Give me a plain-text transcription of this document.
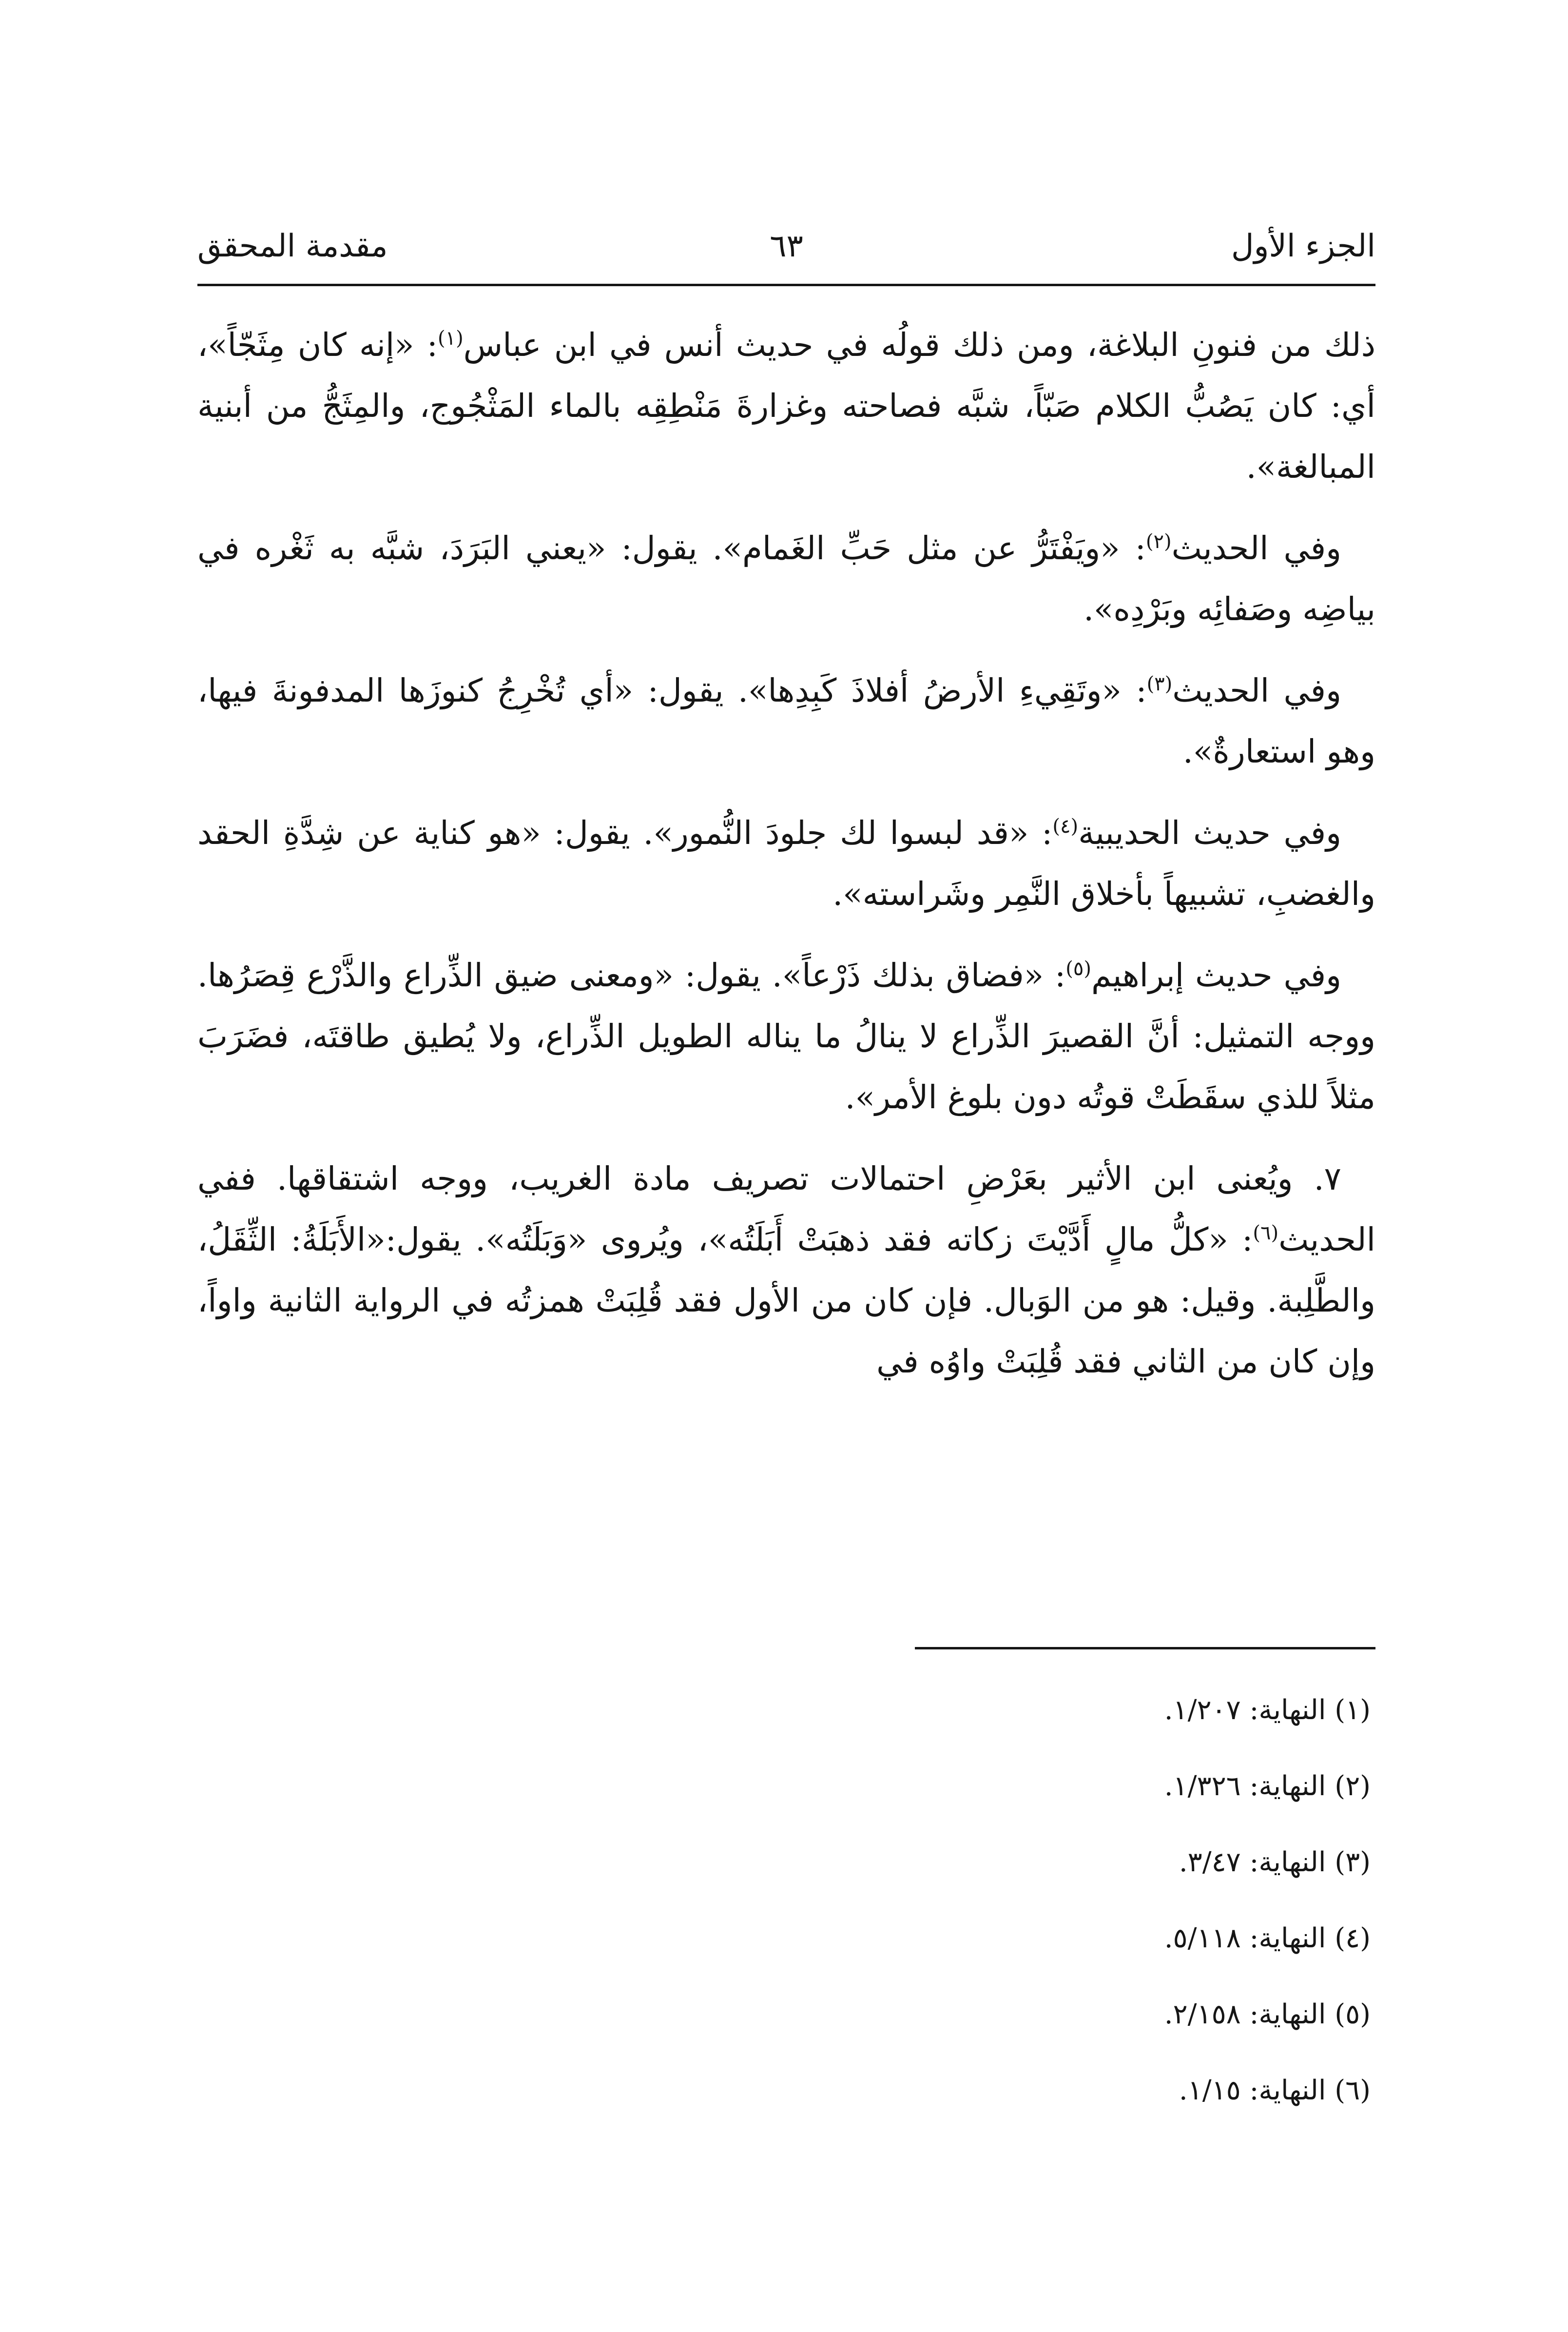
الجزء الأول
٦٣
مقدمة المحقق

ذلك من فنونِ البلاغة، ومن ذلك قولُه في حديث أنس في ابن عباس$^{(١)}$: «إنه كان مِثَجّاً»، أي: كان يَصُبُّ الكلام صَبّاً، شبَّه فصاحته وغزارةَ مَنْطِقِه بالماء المَثْجُوج، والمِثَجُّ من أبنية المبالغة».

وفي الحديث$^{(٢)}$: «ويَفْتَرُّ عن مثل حَبِّ الغَمام». يقول: «يعني البَرَدَ، شبَّه به ثَغْره في بياضِه وصَفائِه وبَرْدِه».

وفي الحديث$^{(٣)}$: «وتَقِيءِ الأرضُ أفلاذَ كَبِدِها». يقول: «أي تُخْرِجُ كنوزَها المدفونةَ فيها، وهو استعارةٌ».

وفي حديث الحديبية$^{(٤)}$: «قد لبسوا لك جلودَ النُّمور». يقول: «هو كناية عن شِدَّةِ الحقد والغضبِ، تشبيهاً بأخلاق النَّمِر وشَراسته».

وفي حديث إبراهيم$^{(٥)}$: «فضاق بذلك ذَرْعاً». يقول: «ومعنى ضيق الذِّراع والذَّرْع قِصَرُها. ووجه التمثيل: أنَّ القصيرَ الذِّراع لا ينالُ ما يناله الطويل الذِّراع، ولا يُطيق طاقتَه، فضَرَبَ مثلاً للذي سقَطَتْ قوتُه دون بلوغ الأمر».

٧. ويُعنى ابن الأثير بعَرْضِ احتمالات تصريف مادة الغريب، ووجه اشتقاقها. ففي الحديث$^{(٦)}$: «كلُّ مالٍ أَدَّيْتَ زكاته فقد ذهبَتْ أَبَلَتُه»، ويُروى «وَبَلَتُه». يقول:«الأَبَلَةُ: الثِّقَلُ، والطَّلِبة. وقيل: هو من الوَبال. فإن كان من الأول فقد قُلِبَتْ همزتُه في الرواية الثانية واواً، وإن كان من الثاني فقد قُلِبَتْ واوُه في

(١) النهاية: ١/٢٠٧.
(٢) النهاية: ١/٣٢٦.
(٣) النهاية: ٣/٤٧.
(٤) النهاية: ٥/١١٨.
(٥) النهاية: ٢/١٥٨.
(٦) النهاية: ١/١٥.
